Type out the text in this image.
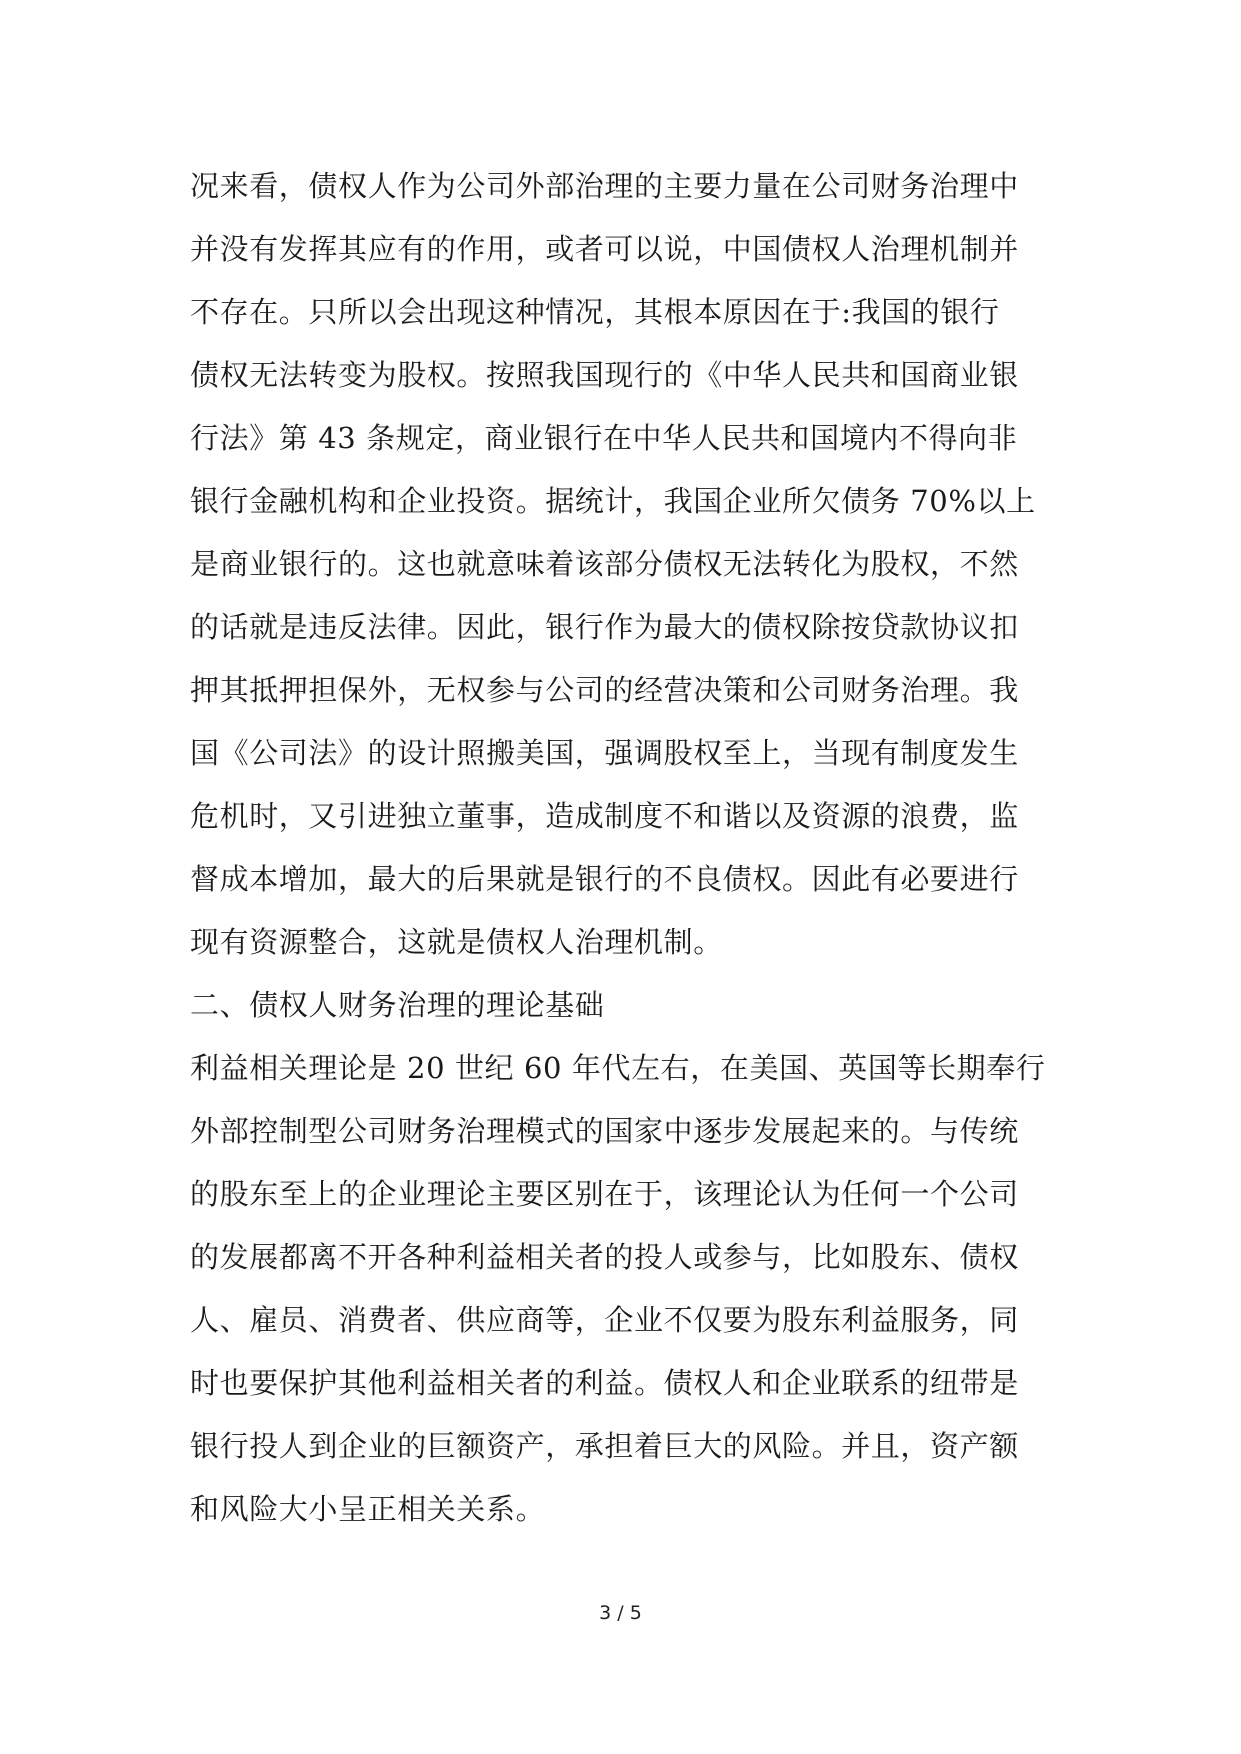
况来看，债权人作为公司外部治理的主要力量在公司财务治理中
并没有发挥其应有的作用，或者可以说，中国债权人治理机制并
不存在。只所以会出现这种情况，其根本原因在于:我国的银行
债权无法转变为股权。按照我国现行的《中华人民共和国商业银
行法》第 43 条规定，商业银行在中华人民共和国境内不得向非
银行金融机构和企业投资。据统计，我国企业所欠债务 70%以上
是商业银行的。这也就意味着该部分债权无法转化为股权，不然
的话就是违反法律。因此，银行作为最大的债权除按贷款协议扣
押其抵押担保外，无权参与公司的经营决策和公司财务治理。我
国《公司法》的设计照搬美国，强调股权至上，当现有制度发生
危机时，又引进独立董事，造成制度不和谐以及资源的浪费，监
督成本增加，最大的后果就是银行的不良债权。因此有必要进行
现有资源整合，这就是债权人治理机制。
二、债权人财务治理的理论基础
利益相关理论是 20 世纪 60 年代左右，在美国、英国等长期奉行
外部控制型公司财务治理模式的国家中逐步发展起来的。与传统
的股东至上的企业理论主要区别在于，该理论认为任何一个公司
的发展都离不开各种利益相关者的投人或参与，比如股东、债权
人、雇员、消费者、供应商等，企业不仅要为股东利益服务，同
时也要保护其他利益相关者的利益。债权人和企业联系的纽带是
银行投人到企业的巨额资产，承担着巨大的风险。并且，资产额
和风险大小呈正相关关系。
3 / 5
